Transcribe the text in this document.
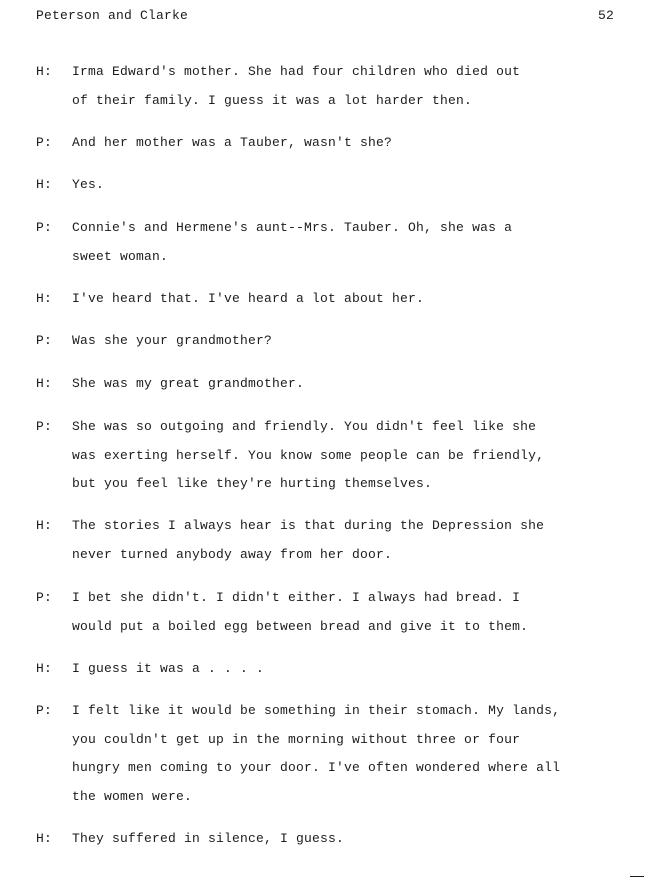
Peterson and Clarke	52
H:	Irma Edward's mother. She had four children who died out
of their family. I guess it was a lot harder then.
P:	And her mother was a Tauber, wasn't she?
H:	Yes.
P:	Connie's and Hermene's aunt--Mrs. Tauber. Oh, she was a
sweet woman.
H:	I've heard that. I've heard a lot about her.
P:	Was she your grandmother?
H:	She was my great grandmother.
P:	She was so outgoing and friendly. You didn't feel like she
was exerting herself. You know some people can be friendly,
but you feel like they're hurting themselves.
H:	The stories I always hear is that during the Depression she
never turned anybody away from her door.
P:	I bet she didn't. I didn't either. I always had bread. I
would put a boiled egg between bread and give it to them.
H:	I guess it was a . . . .
P:	I felt like it would be something in their stomach. My lands,
you couldn't get up in the morning without three or four
hungry men coming to your door. I've often wondered where all
the women were.
H:	They suffered in silence, I guess.
